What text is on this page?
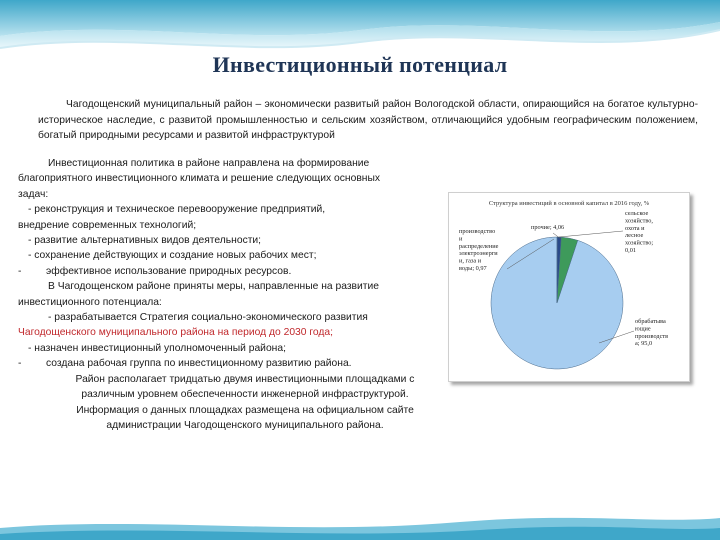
Инвестиционный потенциал
Чагодощенский муниципальный район – экономически развитый район Вологодской области, опирающийся на богатое культурно-историческое наследие, с развитой промышленностью и сельским хозяйством, отличающийся удобным географическим положением, богатый природными ресурсами и развитой инфраструктурой
Инвестиционная политика в районе направлена на формирование
благоприятного инвестиционного климата и решение следующих основных
задач:
- реконструкция и техническое перевооружение предприятий,
внедрение современных технологий;
- развитие альтернативных видов деятельности;
- сохранение действующих и создание новых рабочих мест;
-	эффективное использование природных ресурсов.
В Чагодощенском районе приняты меры, направленные на развитие
инвестиционного потенциала:
- разрабатывается Стратегия социально-экономического развития
Чагодощенского муниципального района на период до 2030 года;
- назначен инвестиционный уполномоченный района;
-	создана рабочая группа по инвестиционному развитию района.
Район располагает тридцатью двумя инвестиционными площадками с
различным уровнем обеспеченности инженерной инфраструктурой.
Информация о данных площадках размещена на официальном сайте
администрации Чагодощенского муниципального района.
Структура инвестиций в основной капитал в 2016 году, %
обрабатыва ющие производств а; 95,0
прочие; 4,06
производство и распределение электроэнерги и, газа и воды; 0,97
сельское хозяйство, охота и лесное хозяйство; 0,01
